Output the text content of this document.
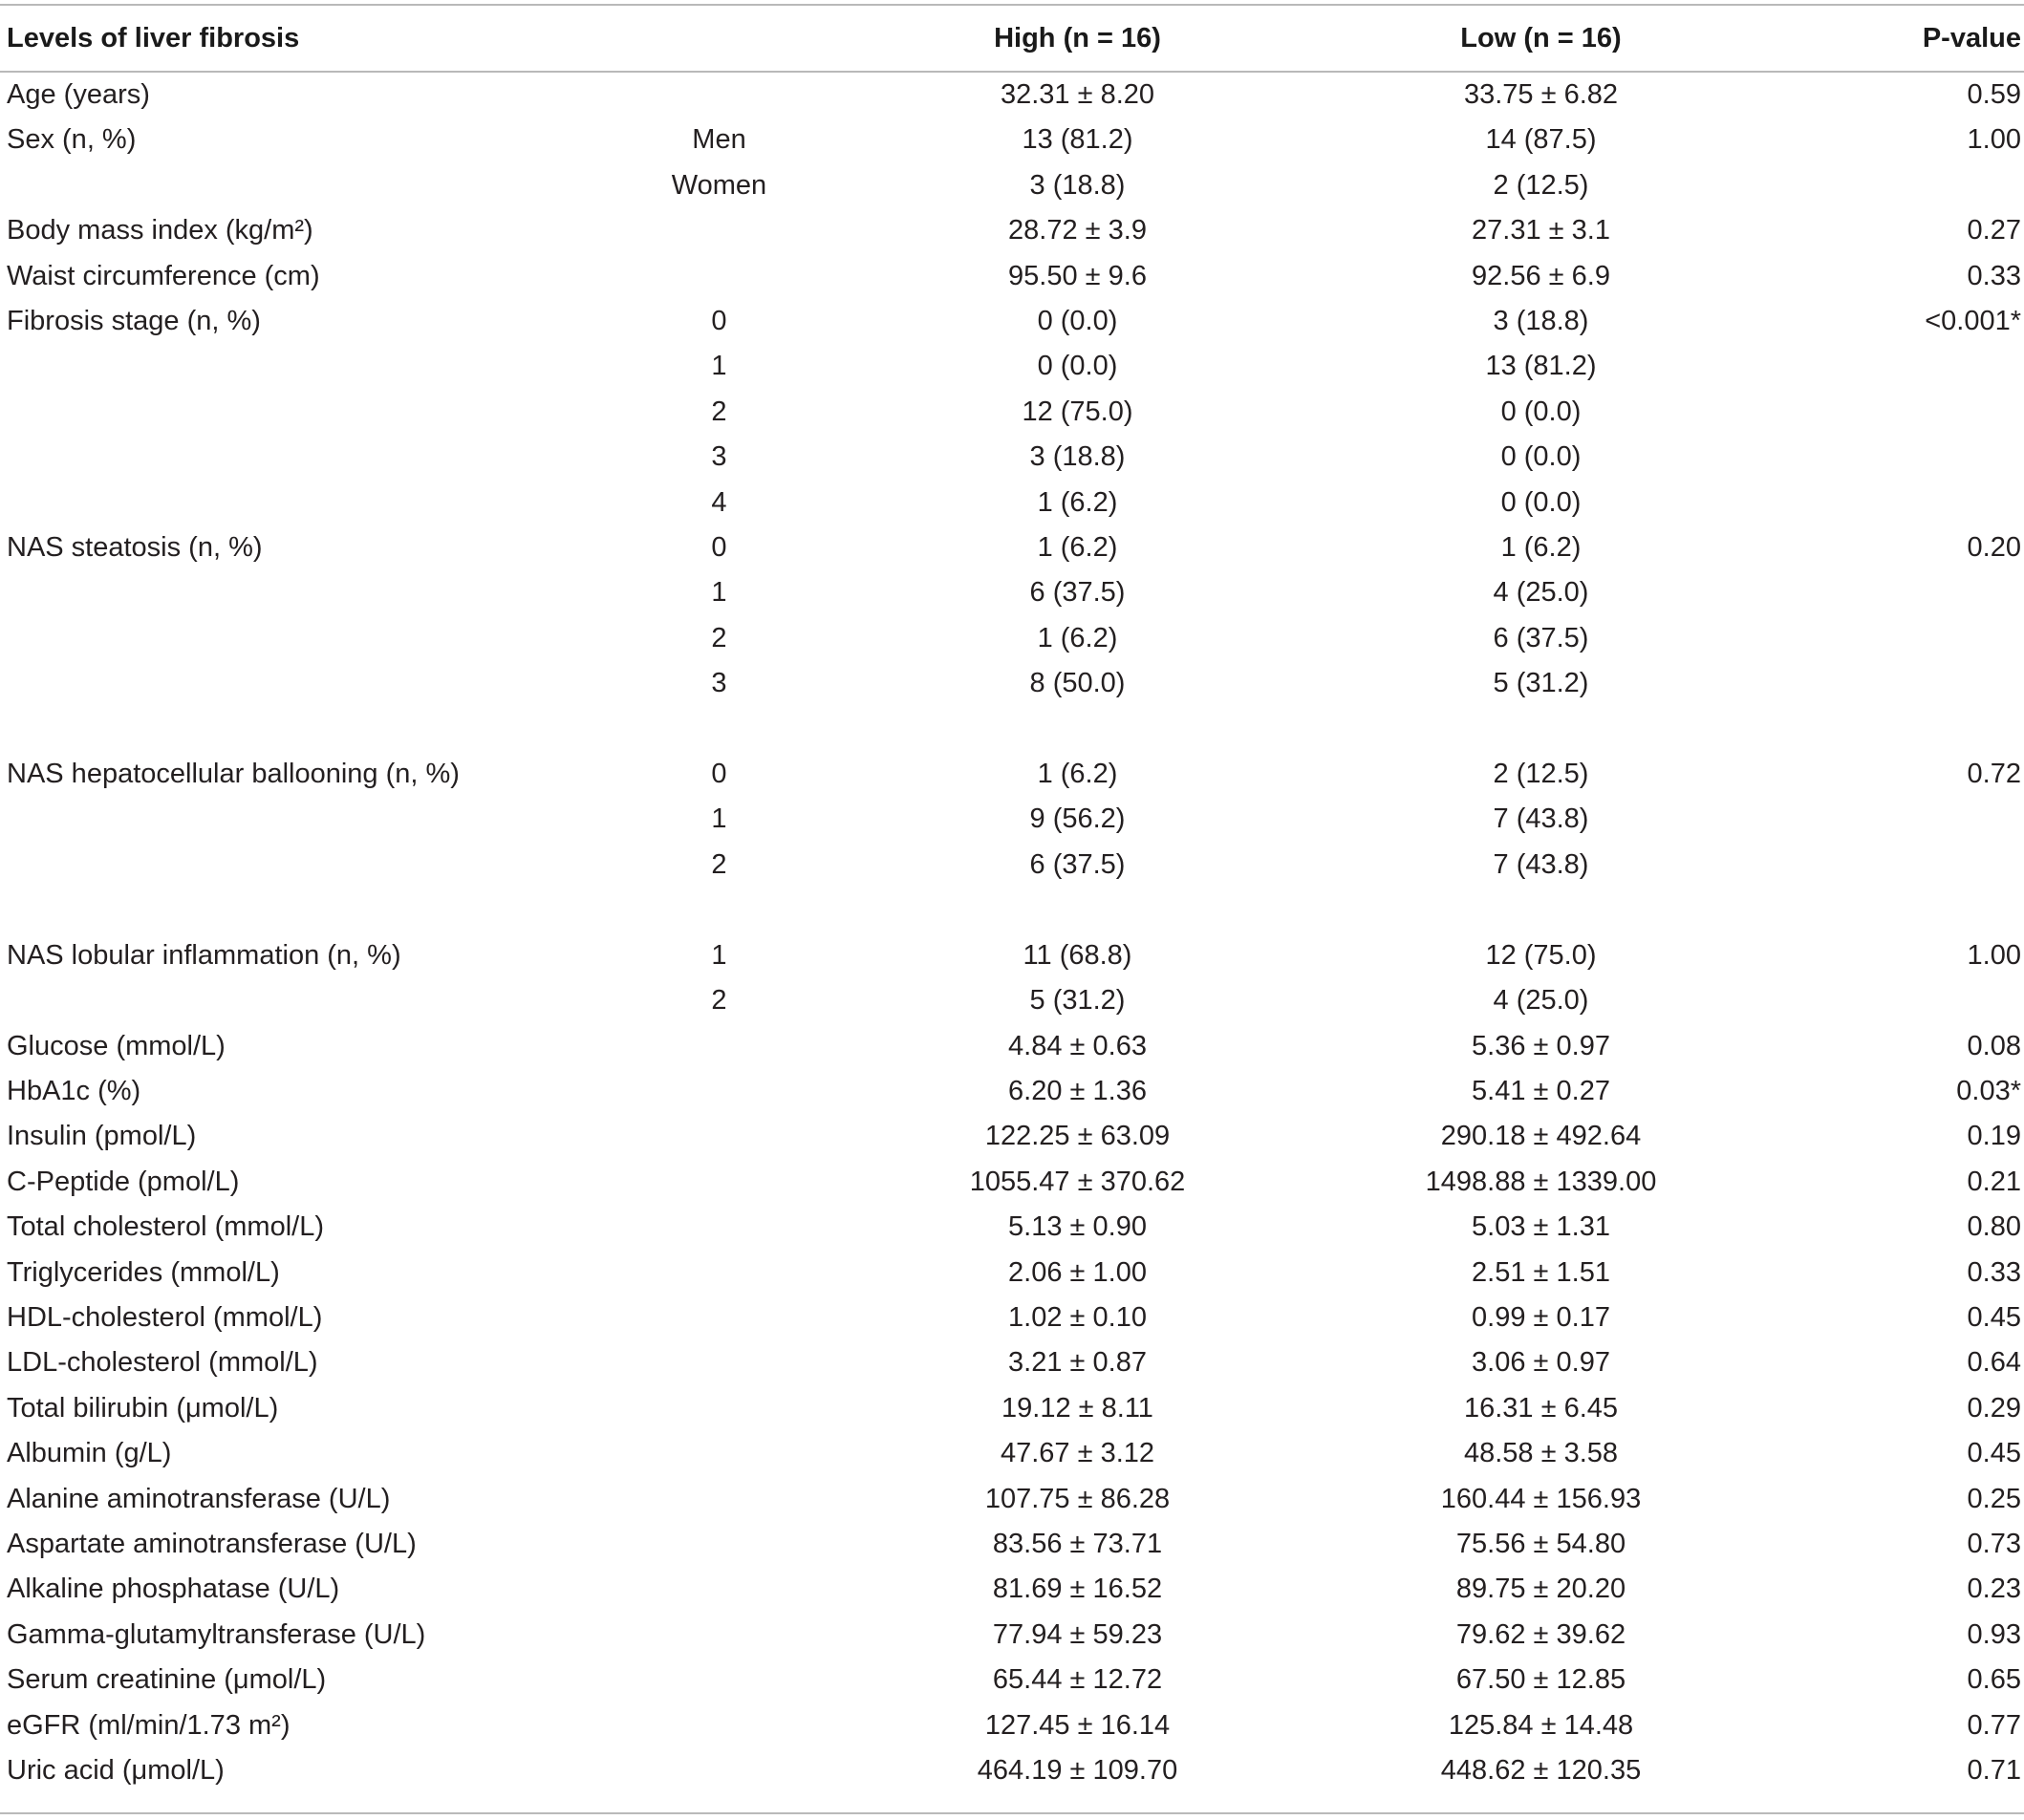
Levels of liver fibrosis		High (n = 16)	Low (n = 16)	P-value
Age (years)		32.31 ± 8.20	33.75 ± 6.82	0.59
Sex (n, %)	Men	13 (81.2)	14 (87.5)	1.00
	Women	3 (18.8)	2 (12.5)	
Body mass index (kg/m²)		28.72 ± 3.9	27.31 ± 3.1	0.27
Waist circumference (cm)		95.50 ± 9.6	92.56 ± 6.9	0.33
Fibrosis stage (n, %)	0	0 (0.0)	3 (18.8)	<0.001*
	1	0 (0.0)	13 (81.2)	
	2	12 (75.0)	0 (0.0)	
	3	3 (18.8)	0 (0.0)	
	4	1 (6.2)	0 (0.0)	
NAS steatosis (n, %)	0	1 (6.2)	1 (6.2)	0.20
	1	6 (37.5)	4 (25.0)	
	2	1 (6.2)	6 (37.5)	
	3	8 (50.0)	5 (31.2)	

NAS hepatocellular ballooning (n, %)	0	1 (6.2)	2 (12.5)	0.72
	1	9 (56.2)	7 (43.8)	
	2	6 (37.5)	7 (43.8)	

NAS lobular inflammation (n, %)	1	11 (68.8)	12 (75.0)	1.00
	2	5 (31.2)	4 (25.0)	
Glucose (mmol/L)		4.84 ± 0.63	5.36 ± 0.97	0.08
HbA1c (%)		6.20 ± 1.36	5.41 ± 0.27	0.03*
Insulin (pmol/L)		122.25 ± 63.09	290.18 ± 492.64	0.19
C-Peptide (pmol/L)		1055.47 ± 370.62	1498.88 ± 1339.00	0.21
Total cholesterol (mmol/L)		5.13 ± 0.90	5.03 ± 1.31	0.80
Triglycerides (mmol/L)		2.06 ± 1.00	2.51 ± 1.51	0.33
HDL-cholesterol (mmol/L)		1.02 ± 0.10	0.99 ± 0.17	0.45
LDL-cholesterol (mmol/L)		3.21 ± 0.87	3.06 ± 0.97	0.64
Total bilirubin (μmol/L)		19.12 ± 8.11	16.31 ± 6.45	0.29
Albumin (g/L)		47.67 ± 3.12	48.58 ± 3.58	0.45
Alanine aminotransferase (U/L)		107.75 ± 86.28	160.44 ± 156.93	0.25
Aspartate aminotransferase (U/L)		83.56 ± 73.71	75.56 ± 54.80	0.73
Alkaline phosphatase (U/L)		81.69 ± 16.52	89.75 ± 20.20	0.23
Gamma-glutamyltransferase (U/L)		77.94 ± 59.23	79.62 ± 39.62	0.93
Serum creatinine (μmol/L)		65.44 ± 12.72	67.50 ± 12.85	0.65
eGFR (ml/min/1.73 m²)		127.45 ± 16.14	125.84 ± 14.48	0.77
Uric acid (μmol/L)		464.19 ± 109.70	448.62 ± 120.35	0.71
